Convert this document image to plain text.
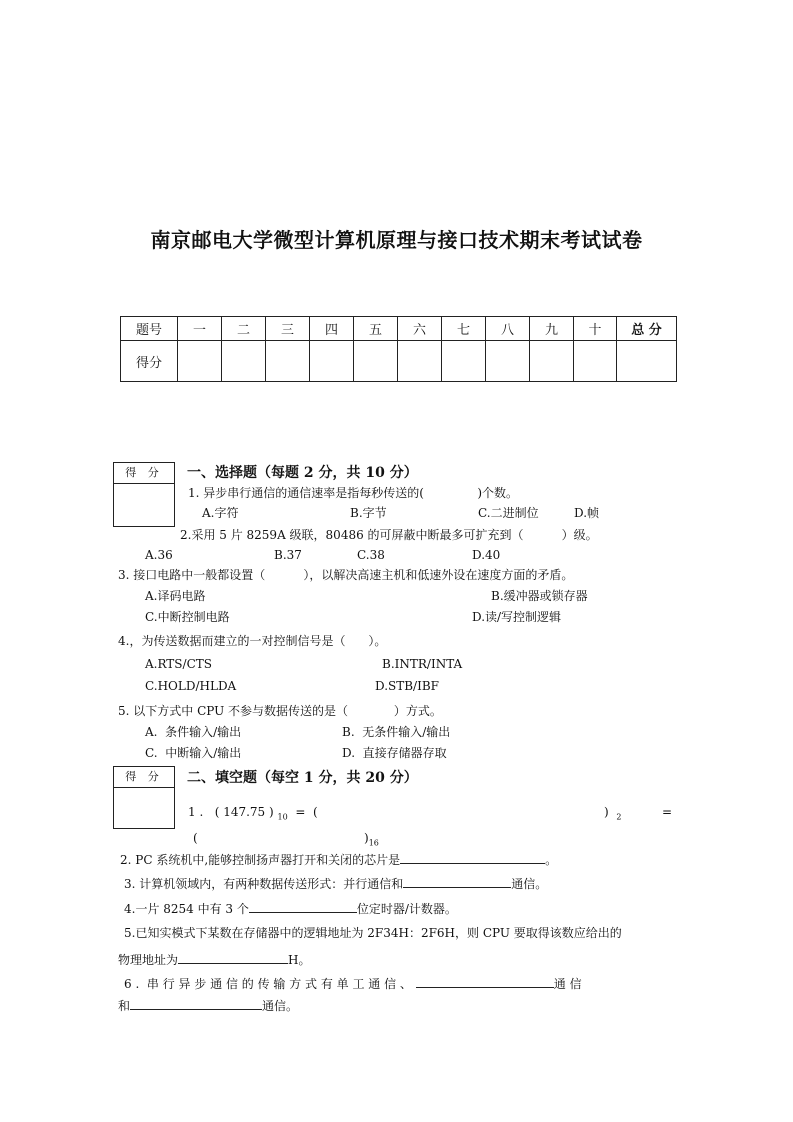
南京邮电大学微型计算机原理与接口技术期末考试试卷
题号	一	二	三	四	五	六	七	八	九	十	总 分
得分											
得 分	一、选择题（每题 2 分，共 10 分）
1. 异步串行通信的通信速率是指每秒传送的(              )个数。
A.字符	B.字节	C.二进制位	D.帧
2.采用 5 片 8259A 级联，80486 的可屏蔽中断最多可扩充到（          ）级。
A.36	B.37	C.38	D.40
3. 接口电路中一般都设置（          ），以解决高速主机和低速外设在速度方面的矛盾。
A.译码电路	B.缓冲器或锁存器
C.中断控制电路	D.读/写控制逻辑
4.，为传送数据而建立的一对控制信号是（      ）。
A.RTS/CTS	B.INTR/INTA
C.HOLD/HLDA	D.STB/IBF
5. 以下方式中 CPU 不参与数据传送的是（            ）方式。
A.  条件输入/输出	B.  无条件输入/输出
C.  中断输入/输出	D.  直接存储器存取
得 分	二、填空题（每空 1 分，共 20 分）
1 .   ( 147.75 ) $_{10}$ =  (	) $_2$	=
(	)$_{16}$
2. PC 系统机中,能够控制扬声器打开和关闭的芯片是	。
3. 计算机领域内，有两种数据传送形式：并行通信和	通信。
4.一片 8254 中有 3 个	位定时器/计数器。
5.已知实模式下某数在存储器中的逻辑地址为 2F34H：2F6H，则 CPU 要取得该数应给出的
物理地址为	H。
6 .  串 行 异 步 通 信 的 传 输 方 式 有 单 工 通 信 、	通 信
和	通信。
